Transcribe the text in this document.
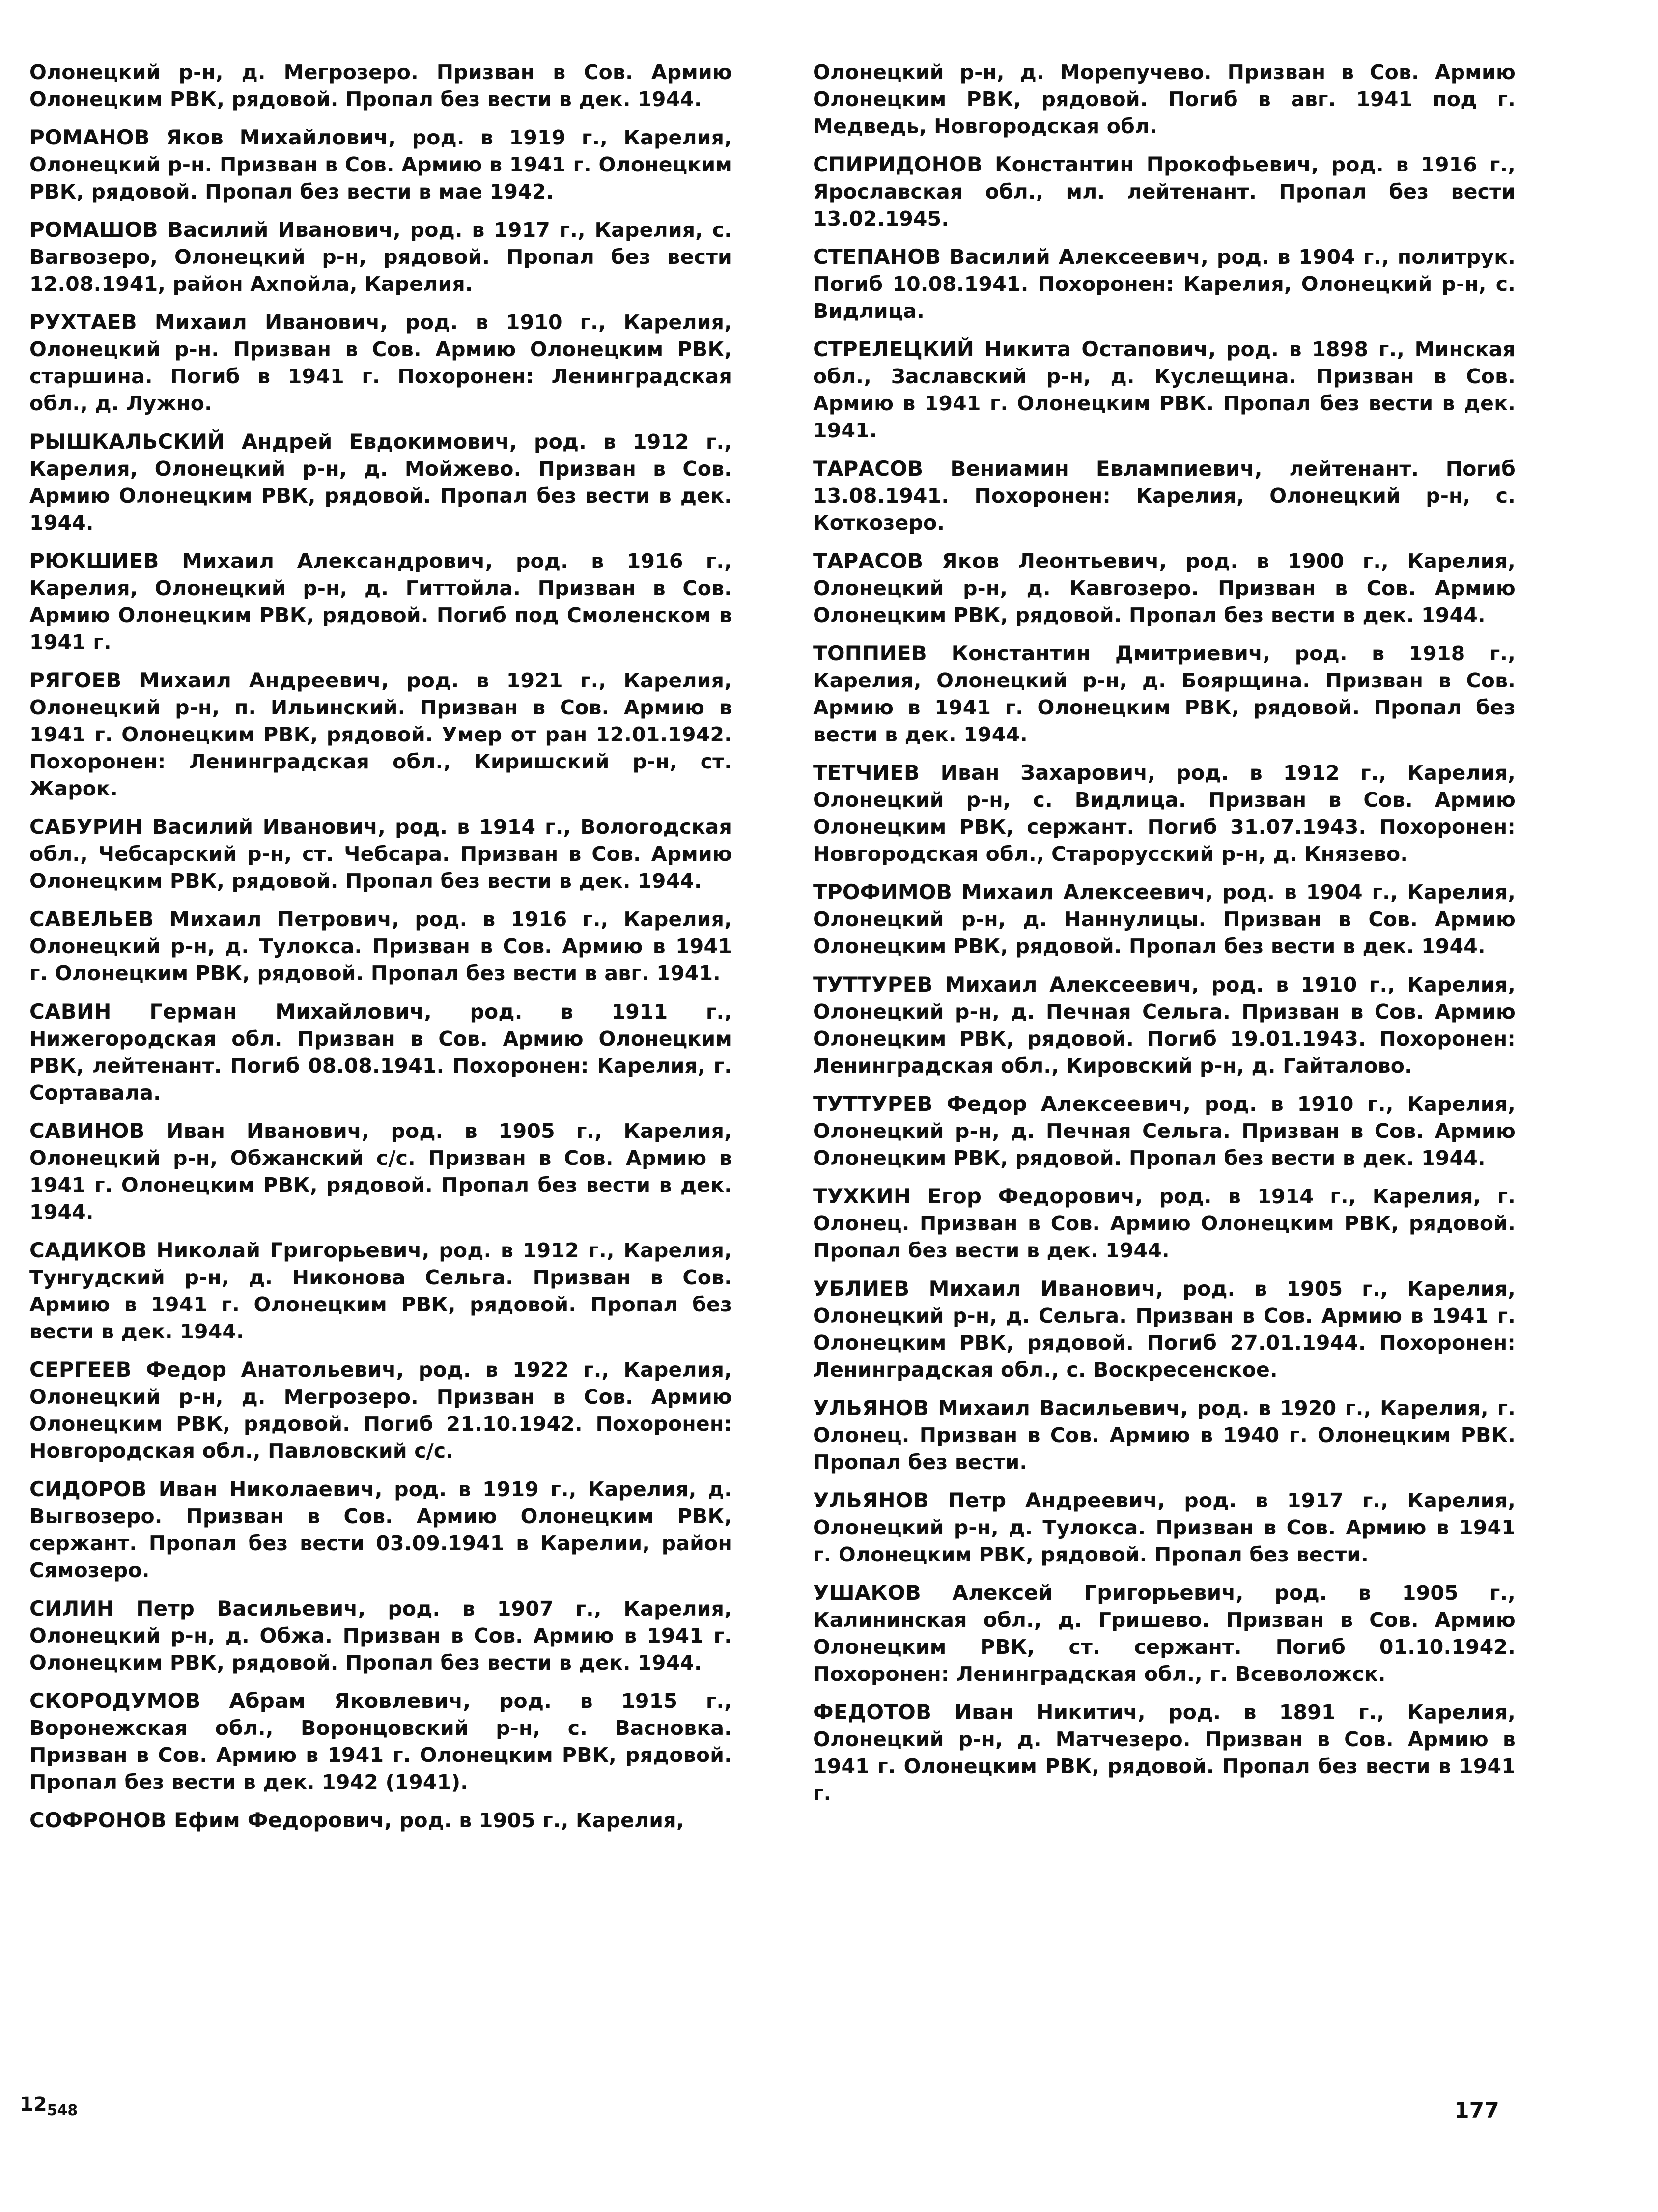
Олонецкий р-н, д. Мегрозеро. Призван в Сов. Армию Олонецким РВК, рядовой. Пропал без вести в дек. 1944.

РОМАНОВ Яков Михайлович, род. в 1919 г., Карелия, Олонецкий р-н. Призван в Сов. Армию в 1941 г. Олонецким РВК, рядовой. Пропал без вести в мае 1942.

РОМАШОВ Василий Иванович, род. в 1917 г., Карелия, с. Вагвозеро, Олонецкий р-н, рядовой. Пропал без вести 12.08.1941, район Ахпойла, Карелия.

РУХТАЕВ Михаил Иванович, род. в 1910 г., Карелия, Олонецкий р-н. Призван в Сов. Армию Олонецким РВК, старшина. Погиб в 1941 г. Похоронен: Ленинградская обл., д. Лужно.

РЫШКАЛЬСКИЙ Андрей Евдокимович, род. в 1912 г., Карелия, Олонецкий р-н, д. Мойжево. Призван в Сов. Армию Олонецким РВК, рядовой. Пропал без вести в дек. 1944.

РЮКШИЕВ Михаил Александрович, род. в 1916 г., Карелия, Олонецкий р-н, д. Гиттойла. Призван в Сов. Армию Олонецким РВК, рядовой. Погиб под Смоленском в 1941 г.

РЯГОЕВ Михаил Андреевич, род. в 1921 г., Карелия, Олонецкий р-н, п. Ильинский. Призван в Сов. Армию в 1941 г. Олонецким РВК, рядовой. Умер от ран 12.01.1942. Похоронен: Ленинградская обл., Киришский р-н, ст. Жарок.

САБУРИН Василий Иванович, род. в 1914 г., Вологодская обл., Чебсарский р-н, ст. Чебсара. Призван в Сов. Армию Олонецким РВК, рядовой. Пропал без вести в дек. 1944.

САВЕЛЬЕВ Михаил Петрович, род. в 1916 г., Карелия, Олонецкий р-н, д. Тулокса. Призван в Сов. Армию в 1941 г. Олонецким РВК, рядовой. Пропал без вести в авг. 1941.

САВИН Герман Михайлович, род. в 1911 г., Нижегородская обл. Призван в Сов. Армию Олонецким РВК, лейтенант. Погиб 08.08.1941. Похоронен: Карелия, г. Сортавала.

САВИНОВ Иван Иванович, род. в 1905 г., Карелия, Олонецкий р-н, Обжанский с/с. Призван в Сов. Армию в 1941 г. Олонецким РВК, рядовой. Пропал без вести в дек. 1944.

САДИКОВ Николай Григорьевич, род. в 1912 г., Карелия, Тунгудский р-н, д. Никонова Сельга. Призван в Сов. Армию в 1941 г. Олонецким РВК, рядовой. Пропал без вести в дек. 1944.

СЕРГЕЕВ Федор Анатольевич, род. в 1922 г., Карелия, Олонецкий р-н, д. Мегрозеро. Призван в Сов. Армию Олонецким РВК, рядовой. Погиб 21.10.1942. Похоронен: Новгородская обл., Павловский с/с.

СИДОРОВ Иван Николаевич, род. в 1919 г., Карелия, д. Выгвозеро. Призван в Сов. Армию Олонецким РВК, сержант. Пропал без вести 03.09.1941 в Карелии, район Сямозеро.

СИЛИН Петр Васильевич, род. в 1907 г., Карелия, Олонецкий р-н, д. Обжа. Призван в Сов. Армию в 1941 г. Олонецким РВК, рядовой. Пропал без вести в дек. 1944.

СКОРОДУМОВ Абрам Яковлевич, род. в 1915 г., Воронежская обл., Воронцовский р-н, с. Васновка. Призван в Сов. Армию в 1941 г. Олонецким РВК, рядовой. Пропал без вести в дек. 1942 (1941).

СОФРОНОВ Ефим Федорович, род. в 1905 г., Карелия,

Олонецкий р-н, д. Морепучево. Призван в Сов. Армию Олонецким РВК, рядовой. Погиб в авг. 1941 под г. Медведь, Новгородская обл.

СПИРИДОНОВ Константин Прокофьевич, род. в 1916 г., Ярославская обл., мл. лейтенант. Пропал без вести 13.02.1945.

СТЕПАНОВ Василий Алексеевич, род. в 1904 г., политрук. Погиб 10.08.1941. Похоронен: Карелия, Олонецкий р-н, с. Видлица.

СТРЕЛЕЦКИЙ Никита Остапович, род. в 1898 г., Минская обл., Заславский р-н, д. Куслещина. Призван в Сов. Армию в 1941 г. Олонецким РВК. Пропал без вести в дек. 1941.

ТАРАСОВ Вениамин Евлампиевич, лейтенант. Погиб 13.08.1941. Похоронен: Карелия, Олонецкий р-н, с. Коткозеро.

ТАРАСОВ Яков Леонтьевич, род. в 1900 г., Карелия, Олонецкий р-н, д. Кавгозеро. Призван в Сов. Армию Олонецким РВК, рядовой. Пропал без вести в дек. 1944.

ТОППИЕВ Константин Дмитриевич, род. в 1918 г., Карелия, Олонецкий р-н, д. Боярщина. Призван в Сов. Армию в 1941 г. Олонецким РВК, рядовой. Пропал без вести в дек. 1944.

ТЕТЧИЕВ Иван Захарович, род. в 1912 г., Карелия, Олонецкий р-н, с. Видлица. Призван в Сов. Армию Олонецким РВК, сержант. Погиб 31.07.1943. Похоронен: Новгородская обл., Старорусский р-н, д. Князево.

ТРОФИМОВ Михаил Алексеевич, род. в 1904 г., Карелия, Олонецкий р-н, д. Наннулицы. Призван в Сов. Армию Олонецким РВК, рядовой. Пропал без вести в дек. 1944.

ТУТТУРЕВ Михаил Алексеевич, род. в 1910 г., Карелия, Олонецкий р-н, д. Печная Сельга. Призван в Сов. Армию Олонецким РВК, рядовой. Погиб 19.01.1943. Похоронен: Ленинградская обл., Кировский р-н, д. Гайталово.

ТУТТУРЕВ Федор Алексеевич, род. в 1910 г., Карелия, Олонецкий р-н, д. Печная Сельга. Призван в Сов. Армию Олонецким РВК, рядовой. Пропал без вести в дек. 1944.

ТУХКИН Егор Федорович, род. в 1914 г., Карелия, г. Олонец. Призван в Сов. Армию Олонецким РВК, рядовой. Пропал без вести в дек. 1944.

УБЛИЕВ Михаил Иванович, род. в 1905 г., Карелия, Олонецкий р-н, д. Сельга. Призван в Сов. Армию в 1941 г. Олонецким РВК, рядовой. Погиб 27.01.1944. Похоронен: Ленинградская обл., с. Воскресенское.

УЛЬЯНОВ Михаил Васильевич, род. в 1920 г., Карелия, г. Олонец. Призван в Сов. Армию в 1940 г. Олонецким РВК. Пропал без вести.

УЛЬЯНОВ Петр Андреевич, род. в 1917 г., Карелия, Олонецкий р-н, д. Тулокса. Призван в Сов. Армию в 1941 г. Олонецким РВК, рядовой. Пропал без вести.

УШАКОВ Алексей Григорьевич, род. в 1905 г., Калининская обл., д. Гришево. Призван в Сов. Армию Олонецким РВК, ст. сержант. Погиб 01.10.1942. Похоронен: Ленинградская обл., г. Всеволожск.

ФЕДОТОВ Иван Никитич, род. в 1891 г., Карелия, Олонецкий р-н, д. Матчезеро. Призван в Сов. Армию в 1941 г. Олонецким РВК, рядовой. Пропал без вести в 1941 г.

$12_{548}$	177
